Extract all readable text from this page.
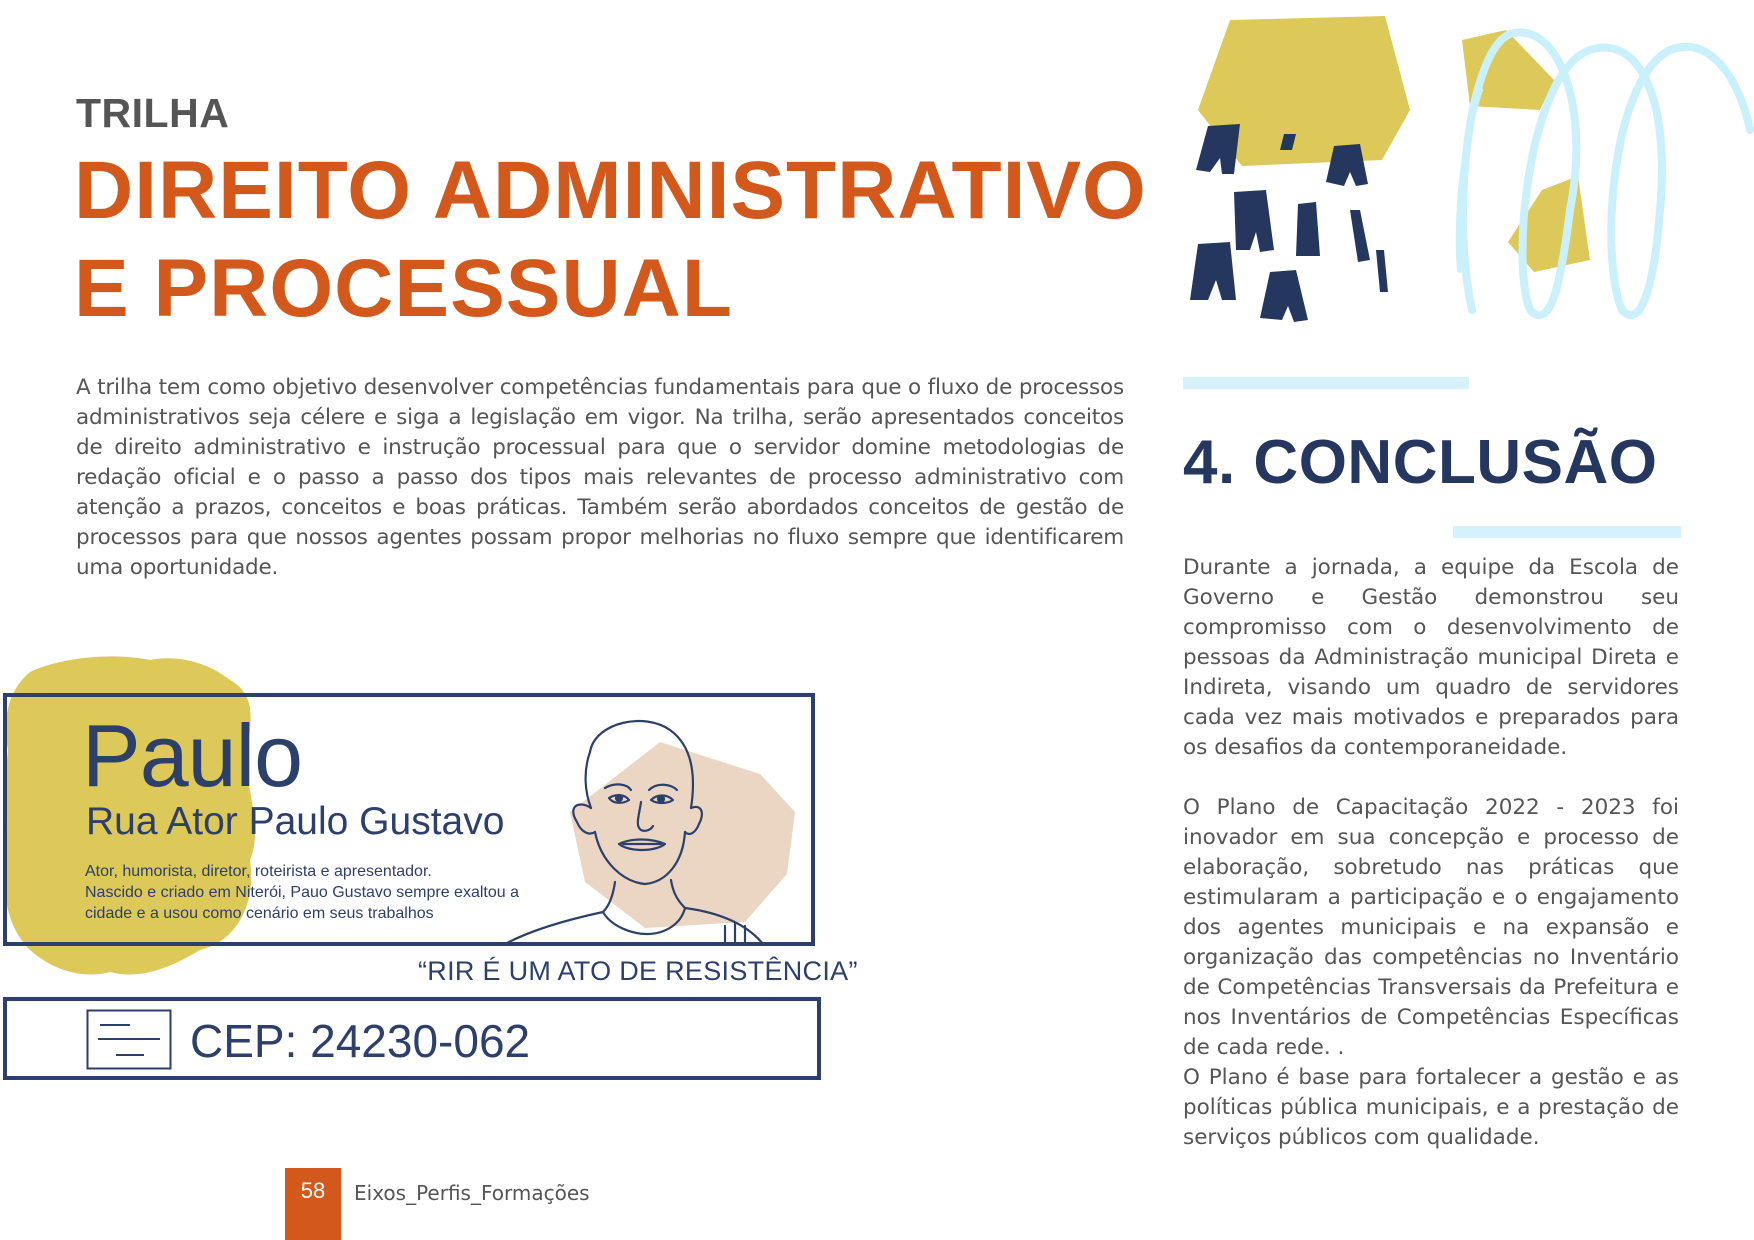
TRILHA
DIREITO ADMINISTRATIVO
E PROCESSUAL

A trilha tem como objetivo desenvolver competências fundamentais para que o fluxo de processos administrativos seja célere e siga a legislação em vigor. Na trilha, serão apresentados conceitos de direito administrativo e instrução processual para que o servidor domine metodologias de redação oficial e o passo a passo dos tipos mais relevantes de processo administrativo com atenção a prazos, conceitos e boas práticas. Também serão abordados conceitos de gestão de processos para que nossos agentes possam propor melhorias no fluxo sempre que identificarem uma oportunidade.

Paulo
Rua Ator Paulo Gustavo

Ator, humorista, diretor, roteirista e apresentador.
Nascido e criado em Niterói, Pauo Gustavo sempre exaltou a
cidade e a usou como cenário em seus trabalhos

“RIR É UM ATO DE RESISTÊNCIA”
CEP: 24230-062
58	Eixos_Perfis_Formações
4. CONCLUSÃO

Durante a jornada, a equipe da Escola de Governo e Gestão demonstrou seu compromisso com o desenvolvimento de pessoas da Administração municipal Direta e Indireta, visando um quadro de servidores cada vez mais motivados e preparados para os desafios da contemporaneidade.

O Plano de Capacitação 2022 - 2023 foi inovador em sua concepção e processo de elaboração, sobretudo nas práticas que estimularam a participação e o engajamento dos agentes municipais e na expansão e organização das competências no Inventário de Competências Transversais da Prefeitura e nos Inventários de Competências Específicas de cada rede. .

O Plano é base para fortalecer a gestão e as políticas pública municipais, e a prestação de serviços públicos com qualidade.
